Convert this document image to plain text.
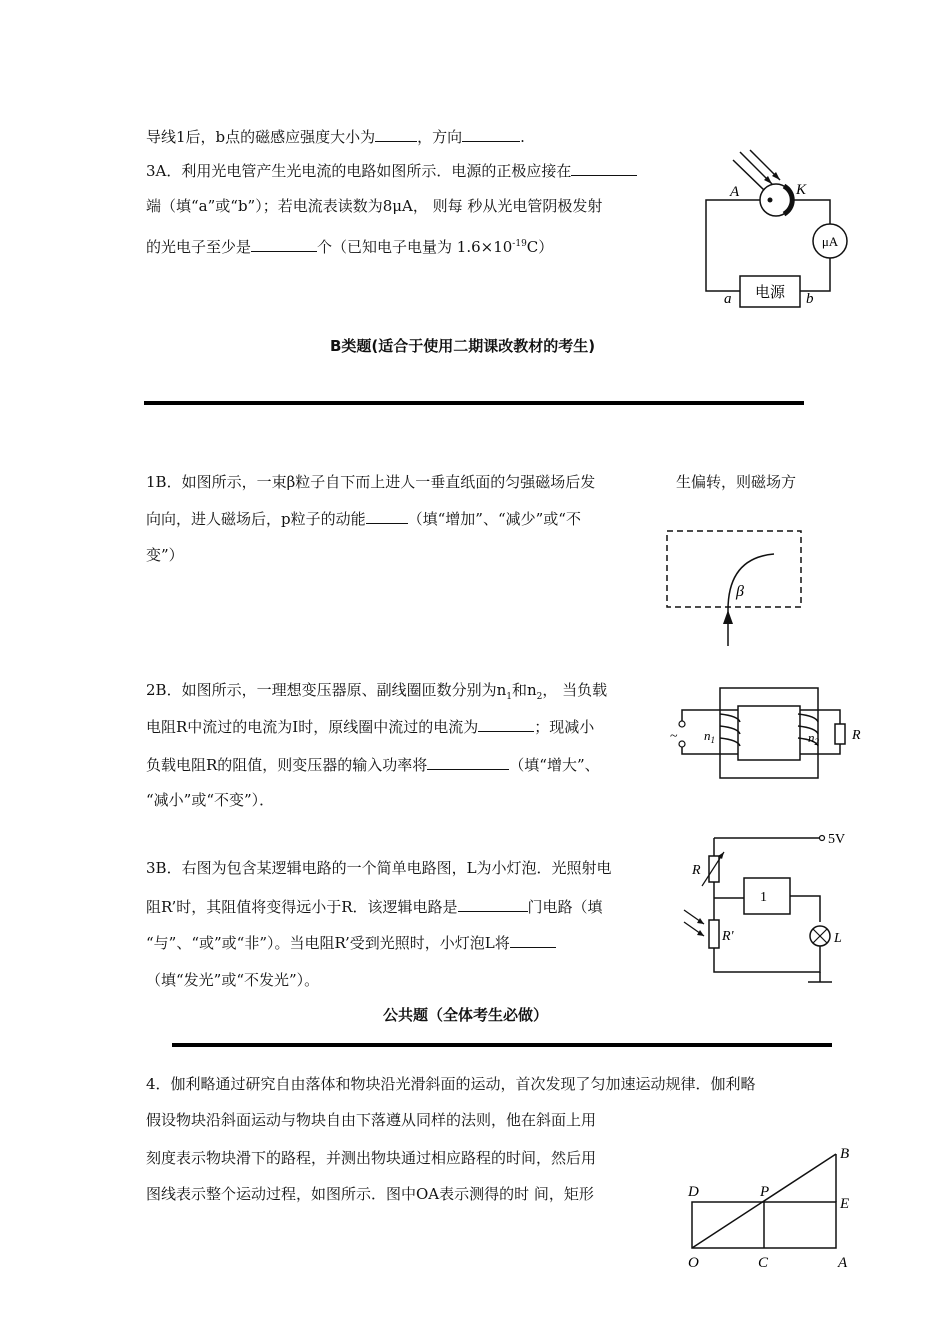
导线1后，b点的磁感应强度大小为	，方向	.
3A．利用光电管产生光电流的电路如图所示．电源的正极应接在
端（填“a”或“b”）；若电流表读数为8μA， 则每 秒从光电管阴极发射
的光电子至少是	个（已知电子电量为 $1.6\times 10^{-19}C$）
A	K
μA
电源
a	b
B类题(适合于使用二期课改教材的考生)
1B．如图所示，一束β粒子自下而上进人一垂直纸面的匀强磁场后发	生偏转，则磁场方
向向，进人磁场后，p粒子的动能	（填“增加”、“减少”或“不
变”）
β
2B．如图所示，一理想变压器原、副线圈匝数分别为$n_1$和$n_2$， 当负载
电阻R中流过的电流为I时，原线圈中流过的电流为	；现减小
负载电阻R的阻值，则变压器的输入功率将	（填“增大”、
“减小”或“不变”）．
~	R
$n_1$	$n_2$
3B．右图为包含某逻辑电路的一个简单电路图，L为小灯泡．光照射电
阻R’时，其阻值将变得远小于R．该逻辑电路是	门电路（填
“与”、“或”或“非”）。当电阻R’受到光照时，小灯泡L将
（填“发光”或“不发光”）。
5V
R
1
L
R'
公共题（全体考生必做）
4．伽利略通过研究自由落体和物块沿光滑斜面的运动，首次发现了匀加速运动规律．伽利略
假设物块沿斜面运动与物块自由下落遵从同样的法则，他在斜面上用
刻度表示物块滑下的路程，并测出物块通过相应路程的时间，然后用
图线表示整个运动过程，如图所示．图中OA表示测得的时 间，矩形
B
D	P
E
O	C	A
